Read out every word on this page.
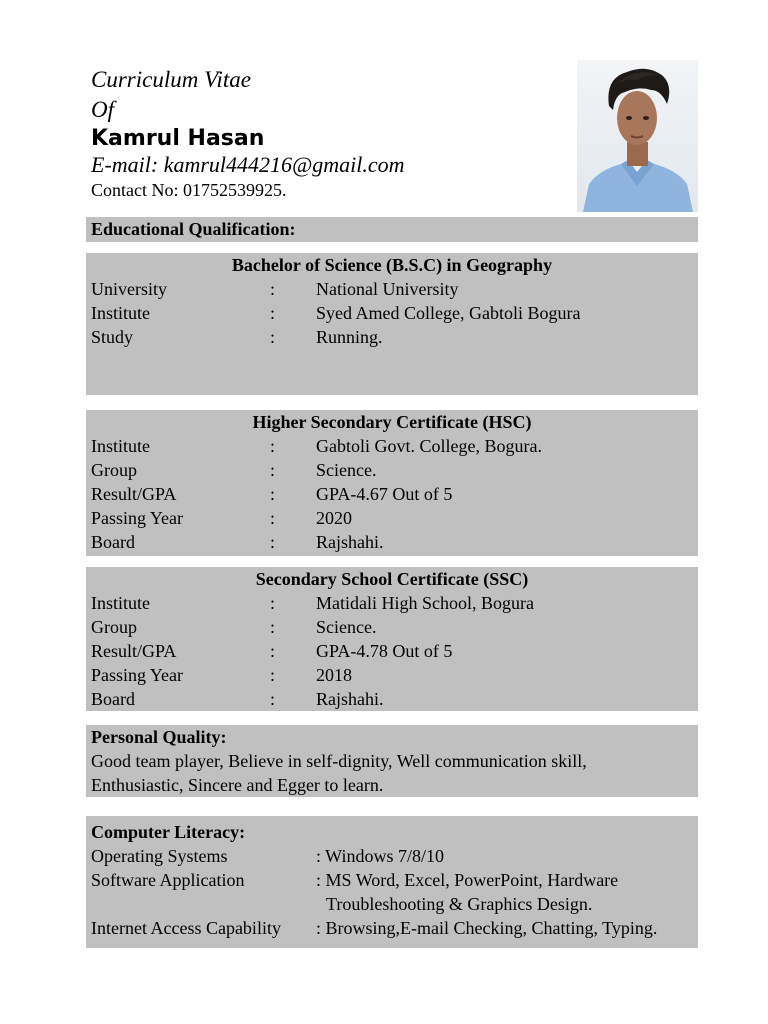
Curriculum Vitae
Of
Kamrul Hasan
E-mail: kamrul444216@gmail.com
Contact No: 01752539925.
Educational Qualification:
Bachelor of Science (B.S.C) in Geography
University	: National University
Institute	: Syed Amed College, Gabtoli Bogura
Study	: Running.
Higher Secondary Certificate (HSC)
Institute	: Gabtoli Govt. College, Bogura.
Group	: Science.
Result/GPA	: GPA-4.67 Out of 5
Passing Year	: 2020
Board	: Rajshahi.
Secondary School Certificate (SSC)
Institute	: Matidali High School, Bogura
Group	: Science.
Result/GPA	: GPA-4.78 Out of 5
Passing Year	: 2018
Board	: Rajshahi.
Personal Quality:
Good team player, Believe in self-dignity, Well communication skill,
Enthusiastic, Sincere and Egger to learn.
Computer Literacy:
Operating Systems	: Windows 7/8/10
Software Application	: MS Word, Excel, PowerPoint, Hardware
Troubleshooting & Graphics Design.
Internet Access Capability : Browsing,E-mail Checking, Chatting, Typing.
